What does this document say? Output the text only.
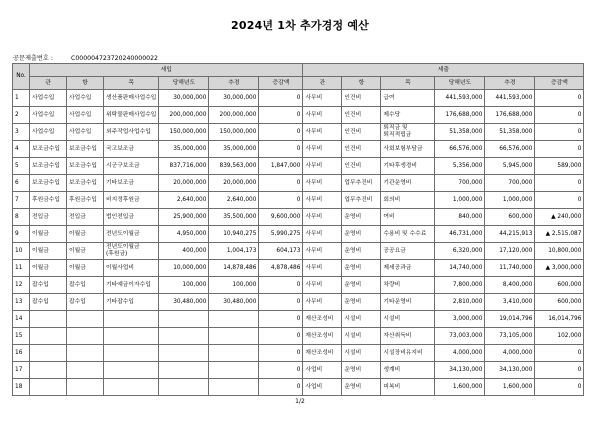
2024년 1차 추가경정 예산
공문제출번호 :	C000004723720240000022
No.	세입						세출					
	관	항	목	당해년도	추경	증감액	관	항	목	당해년도	추경	증감액
1	사업수입	사업수입	생산품판매사업수입	30,000,000	30,000,000	0	사무비	인건비	급여	441,593,000	441,593,000	0
2	사업수입	사업수입	위탁물판매사업수입	200,000,000	200,000,000	0	사무비	인건비	제수당	176,688,000	176,688,000	0
3	사업수입	사업수입	외주작업사업수입	150,000,000	150,000,000	0	사무비	인건비	퇴직금 및 퇴직적립금	51,358,000	51,358,000	0
4	보조금수입	보조금수입	국고보조금	35,000,000	35,000,000	0	사무비	인건비	사회보험부담금	66,576,000	66,576,000	0
5	보조금수입	보조금수입	시군구보조금	837,716,000	839,563,000	1,847,000	사무비	인건비	기타후생경비	5,356,000	5,945,000	589,000
6	보조금수입	보조금수입	기타보조금	20,000,000	20,000,000	0	사무비	업무추진비	기관운영비	700,000	700,000	0
7	후원금수입	후원금수입	비지정후원금	2,640,000	2,640,000	0	사무비	업무추진비	회의비	1,000,000	1,000,000	0
8	전입금	전입금	법인전입금	25,900,000	35,500,000	9,600,000	사무비	운영비	여비	840,000	600,000	▲ 240,000
9	이월금	이월금	전년도이월금	4,950,000	10,940,275	5,990,275	사무비	운영비	수용비 및 수수료	46,731,000	44,215,913	▲ 2,515,087
10	이월금	이월금	전년도이월금(후원금)	400,000	1,004,173	604,173	사무비	운영비	공공요금	6,320,000	17,120,000	10,800,000
11	이월금	이월금	이월사업비	10,000,000	14,878,486	4,878,486	사무비	운영비	제세공과금	14,740,000	11,740,000	▲ 3,000,000
12	잡수입	잡수입	기타예금이자수입	100,000	100,000	0	사무비	운영비	차량비	7,800,000	8,400,000	600,000
13	잡수입	잡수입	기타잡수입	30,480,000	30,480,000	0	사무비	운영비	기타운영비	2,810,000	3,410,000	600,000
14						0	재산조성비	시설비	시설비	3,000,000	19,014,796	16,014,796
15						0	재산조성비	시설비	자산취득비	73,003,000	73,105,000	102,000
16						0	재산조성비	시설비	시설장비유지비	4,000,000	4,000,000	0
17						0	사업비	운영비	생계비	34,130,000	34,130,000	0
18						0	사업비	운영비	피복비	1,600,000	1,600,000	0
1/2
